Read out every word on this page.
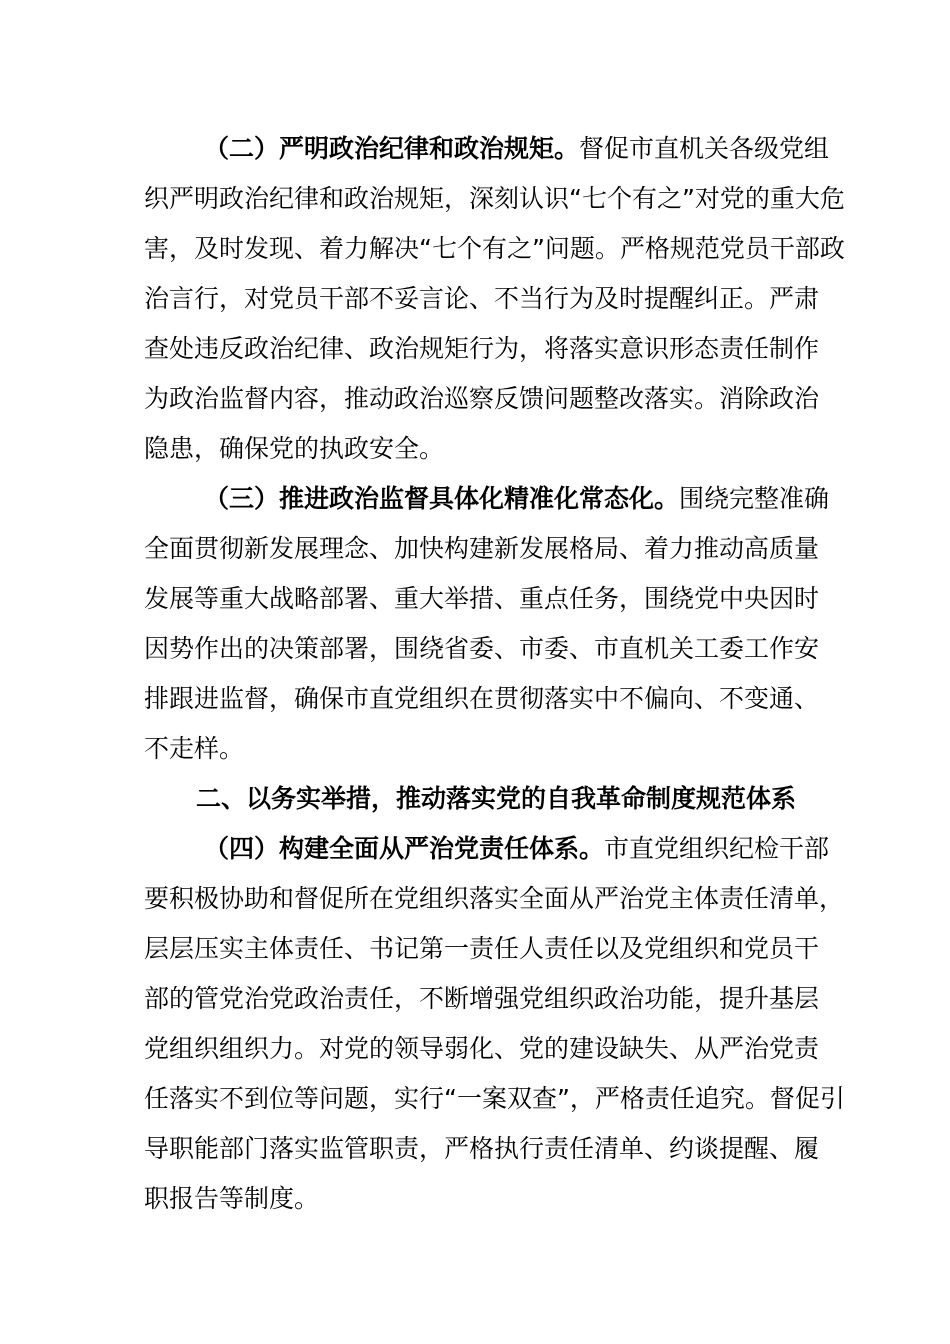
（二）严明政治纪律和政治规矩。督促市直机关各级党组
织严明政治纪律和政治规矩，深刻认识“七个有之”对党的重大危
害，及时发现、着力解决“七个有之”问题。严格规范党员干部政
治言行，对党员干部不妥言论、不当行为及时提醒纠正。严肃
查处违反政治纪律、政治规矩行为，将落实意识形态责任制作
为政治监督内容，推动政治巡察反馈问题整改落实。消除政治
隐患，确保党的执政安全。
（三）推进政治监督具体化精准化常态化。围绕完整准确
全面贯彻新发展理念、加快构建新发展格局、着力推动高质量
发展等重大战略部署、重大举措、重点任务，围绕党中央因时
因势作出的决策部署，围绕省委、市委、市直机关工委工作安
排跟进监督，确保市直党组织在贯彻落实中不偏向、不变通、
不走样。
二、以务实举措，推动落实党的自我革命制度规范体系
（四）构建全面从严治党责任体系。市直党组织纪检干部
要积极协助和督促所在党组织落实全面从严治党主体责任清单，
层层压实主体责任、书记第一责任人责任以及党组织和党员干
部的管党治党政治责任，不断增强党组织政治功能，提升基层
党组织组织力。对党的领导弱化、党的建设缺失、从严治党责
任落实不到位等问题，实行“一案双查”，严格责任追究。督促引
导职能部门落实监管职责，严格执行责任清单、约谈提醒、履
职报告等制度。
